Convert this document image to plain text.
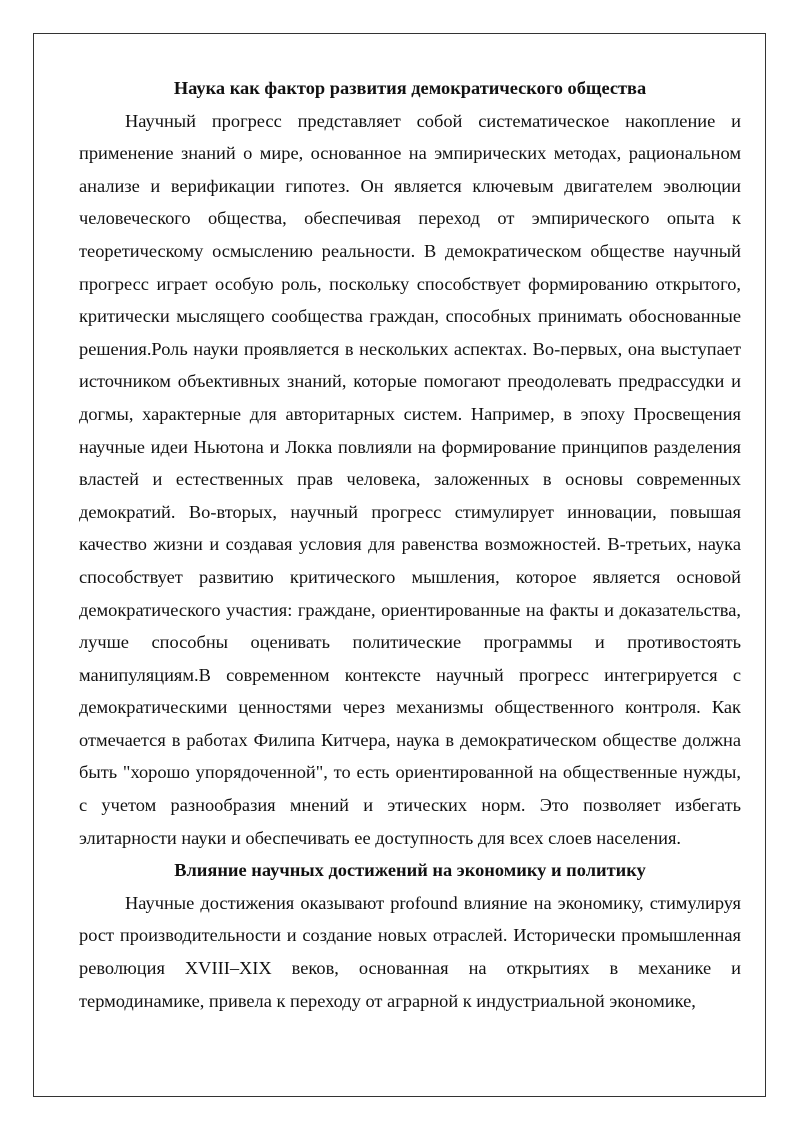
Наука как фактор развития демократического общества

Научный прогресс представляет собой систематическое накопление и применение знаний о мире, основанное на эмпирических методах, рациональном анализе и верификации гипотез. Он является ключевым двигателем эволюции человеческого общества, обеспечивая переход от эмпирического опыта к теоретическому осмыслению реальности. В демократическом обществе научный прогресс играет особую роль, поскольку способствует формированию открытого, критически мыслящего сообщества граждан, способных принимать обоснованные решения.Роль науки проявляется в нескольких аспектах. Во-первых, она выступает источником объективных знаний, которые помогают преодолевать предрассудки и догмы, характерные для авторитарных систем. Например, в эпоху Просвещения научные идеи Ньютона и Локка повлияли на формирование принципов разделения властей и естественных прав человека, заложенных в основы современных демократий. Во-вторых, научный прогресс стимулирует инновации, повышая качество жизни и создавая условия для равенства возможностей. В-третьих, наука способствует развитию критического мышления, которое является основой демократического участия: граждане, ориентированные на факты и доказательства, лучше способны оценивать политические программы и противостоять манипуляциям.В современном контексте научный прогресс интегрируется с демократическими ценностями через механизмы общественного контроля. Как отмечается в работах Филипа Китчера, наука в демократическом обществе должна быть "хорошо упорядоченной", то есть ориентированной на общественные нужды, с учетом разнообразия мнений и этических норм. Это позволяет избегать элитарности науки и обеспечивать ее доступность для всех слоев населения.

Влияние научных достижений на экономику и политику

Научные достижения оказывают profound влияние на экономику, стимулируя рост производительности и создание новых отраслей. Исторически промышленная революция XVIII–XIX веков, основанная на открытиях в механике и термодинамике, привела к переходу от аграрной к индустриальной экономике,
